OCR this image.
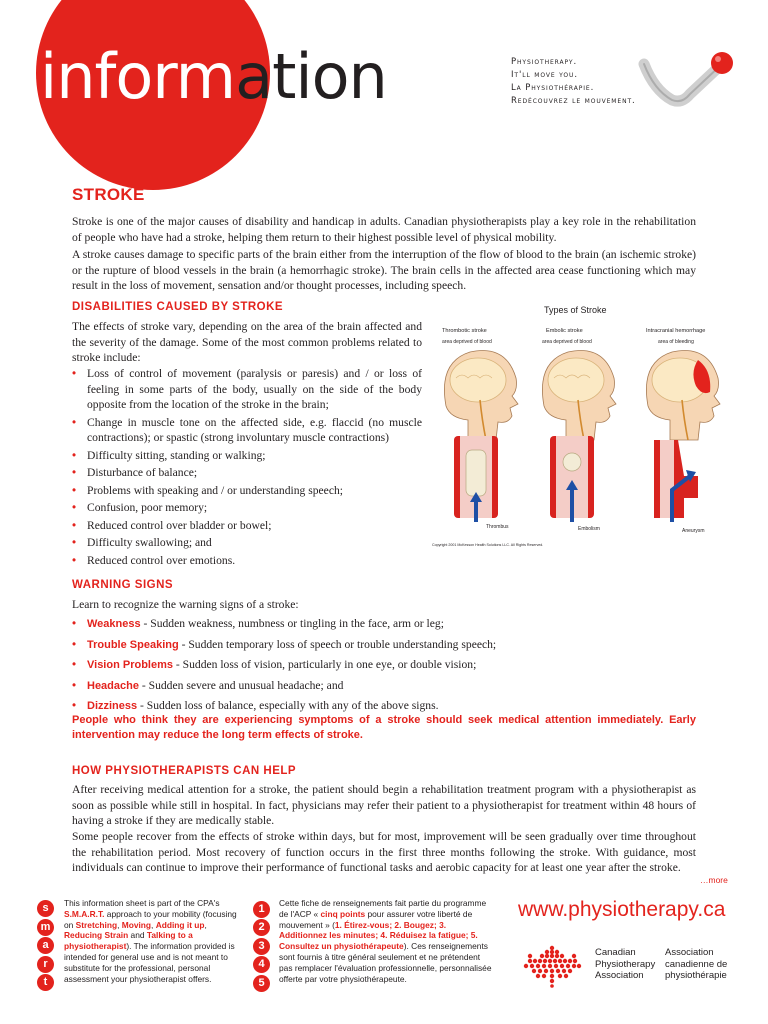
information	Physiotherapy.
It'll move you.
La Physiothérapie.
Redécouvrez le mouvement.
STROKE
Stroke is one of the major causes of disability and handicap in adults. Canadian physiotherapists play a key role in the rehabilitation of people who have had a stroke, helping them return to their highest possible level of physical mobility.
A stroke causes damage to specific parts of the brain either from the interruption of the flow of blood to the brain (an ischemic stroke) or the rupture of blood vessels in the brain (a hemorrhagic stroke). The brain cells in the affected area cease functioning which may result in the loss of movement, sensation and/or thought processes, including speech.
DISABILITIES CAUSED BY STROKE
The effects of stroke vary, depending on the area of the brain affected and the severity of the damage. Some of the most common problems related to stroke include:
• Loss of control of movement (paralysis or paresis) and / or loss of feeling in some parts of the body, usually on the side of the body opposite from the location of the stroke in the brain;
• Change in muscle tone on the affected side, e.g. flaccid (no muscle contractions); or spastic (strong involuntary muscle contractions)
• Difficulty sitting, standing or walking;
• Disturbance of balance;
• Problems with speaking and / or understanding speech;
• Confusion, poor memory;
• Reduced control over bladder or bowel;
• Difficulty swallowing; and
• Reduced control over emotions.
Types of Stroke
Thrombotic stroke
area deprived of blood
Thrombus
Embolic stroke
area deprived of blood
Embolism
Intracranial hemorrhage
area of bleeding
Aneurysm
Copyright 2001 McKesson Health Solutions LLC. All Rights Reserved.
WARNING SIGNS
Learn to recognize the warning signs of a stroke:
• Weakness - Sudden weakness, numbness or tingling in the face, arm or leg;
• Trouble Speaking - Sudden temporary loss of speech or trouble understanding speech;
• Vision Problems - Sudden loss of vision, particularly in one eye, or double vision;
• Headache - Sudden severe and unusual headache; and
• Dizziness - Sudden loss of balance, especially with any of the above signs.
People who think they are experiencing symptoms of a stroke should seek medical attention immediately. Early intervention may reduce the long term effects of stroke.
HOW PHYSIOTHERAPISTS CAN HELP
After receiving medical attention for a stroke, the patient should begin a rehabilitation treatment program with a physiotherapist as soon as possible while still in hospital. In fact, physicians may refer their patient to a physiotherapist for treatment within 48 hours of having a stroke if they are medically stable.
Some people recover from the effects of stroke within days, but for most, improvement will be seen gradually over time throughout the rehabilitation period. Most recovery of function occurs in the first three months following the stroke. With guidance, most individuals can continue to improve their performance of functional tasks and aerobic capacity for at least one year after the stroke.
…more
s
m
a
r
t
This information sheet is part of the CPA's S.M.A.R.T. approach to your mobility (focusing on Stretching, Moving, Adding it up, Reducing Strain and Talking to a physiotherapist). The information provided is intended for general use and is not meant to substitute for the professional, personal assessment your physiotherapist offers.
1
2
3
4
5
Cette fiche de renseignements fait partie du programme de l'ACP « cinq points pour assurer votre liberté de mouvement » (1. Étirez-vous; 2. Bougez; 3. Additionnez les minutes; 4. Réduisez la fatigue; 5. Consultez un physiothérapeute). Ces renseignements sont fournis à titre général seulement et ne prétendent pas remplacer l'évaluation professionnelle, personnalisée offerte par votre physiothérapeute.
www.physiotherapy.ca
Canadian
Physiotherapy
Association
Association
canadienne de
physiothérapie
